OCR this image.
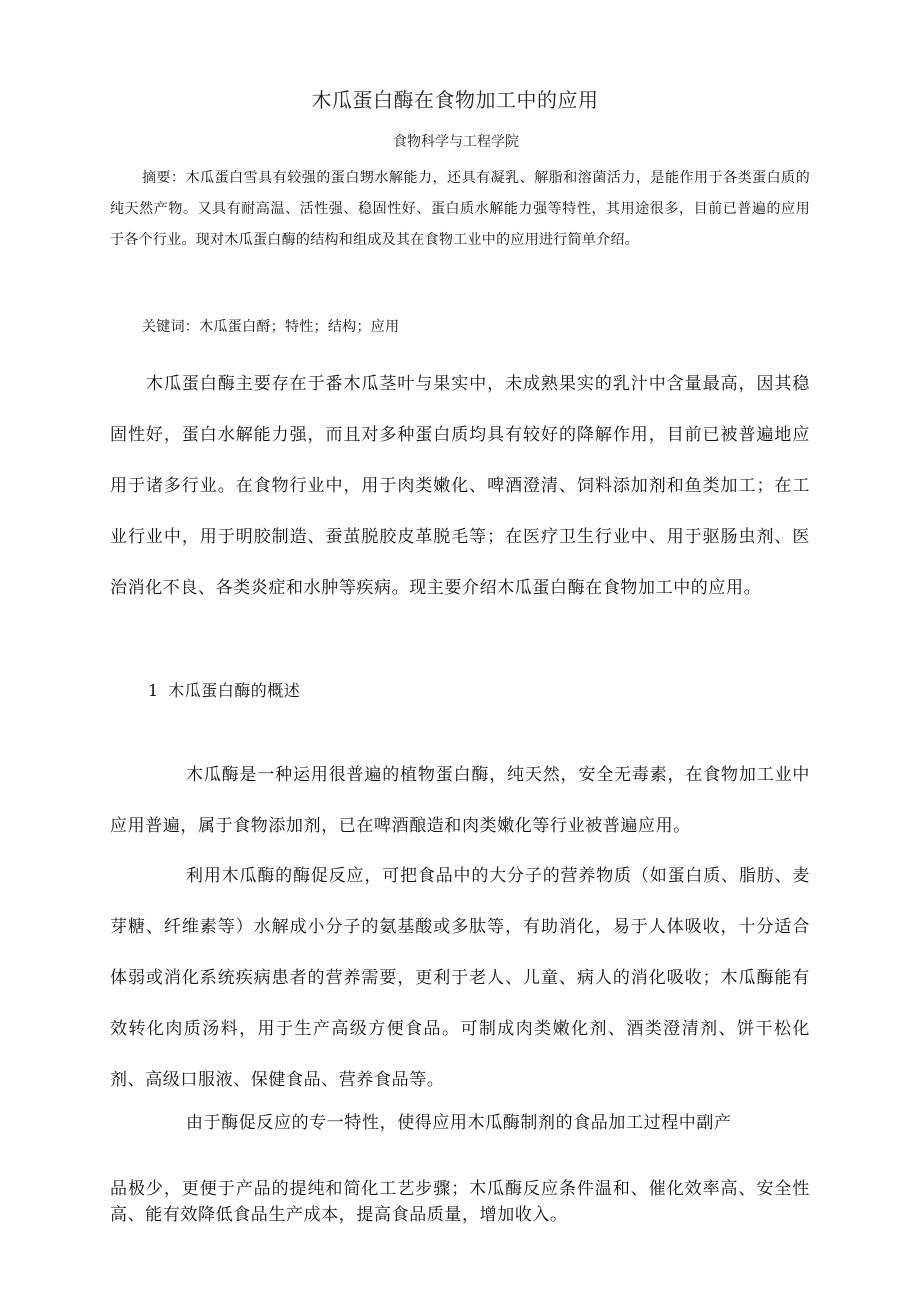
木瓜蛋白酶在食物加工中的应用
食物科学与工程学院
摘要：木瓜蛋白雪具有较强的蛋白甥水解能力，还具有凝乳、解脂和溶菌活力，是能作用于各类蛋白质的纯天然产物。又具有耐高温、活性强、稳固性好、蛋白质水解能力强等特性，其用途很多，目前已普遍的应用于各个行业。现对木瓜蛋白酶的结构和组成及其在食物工业中的应用进行简单介绍。
关键词：木瓜蛋白酹；特性；结构；应用
木瓜蛋白酶主要存在于番木瓜茎叶与果实中，未成熟果实的乳汁中含量最高，因其稳固性好，蛋白水解能力强，而且对多种蛋白质均具有较好的降解作用，目前已被普遍地应用于诸多行业。在食物行业中，用于肉类嫩化、啤酒澄清、饲料添加剂和鱼类加工；在工业行业中，用于明胶制造、蚕茧脱胶皮革脱毛等；在医疗卫生行业中、用于驱肠虫剂、医治消化不良、各类炎症和水肿等疾病。现主要介绍木瓜蛋白酶在食物加工中的应用。
1 木瓜蛋白酶的概述
木瓜酶是一种运用很普遍的植物蛋白酶，纯天然，安全无毒素，在食物加工业中应用普遍，属于食物添加剂，已在啤酒酿造和肉类嫩化等行业被普遍应用。
利用木瓜酶的酶促反应，可把食品中的大分子的营养物质（如蛋白质、脂肪、麦芽糖、纤维素等）水解成小分子的氨基酸或多肽等，有助消化，易于人体吸收，十分适合体弱或消化系统疾病患者的营养需要，更利于老人、儿童、病人的消化吸收；木瓜酶能有效转化肉质汤料，用于生产高级方便食品。可制成肉类嫩化剂、酒类澄清剂、饼干松化剂、高级口服液、保健食品、营养食品等。
由于酶促反应的专一特性，使得应用木瓜酶制剂的食品加工过程中副产
品极少，更便于产品的提纯和简化工艺步骤；木瓜酶反应条件温和、催化效率高、安全性高、能有效降低食品生产成本，提高食品质量，增加收入。
